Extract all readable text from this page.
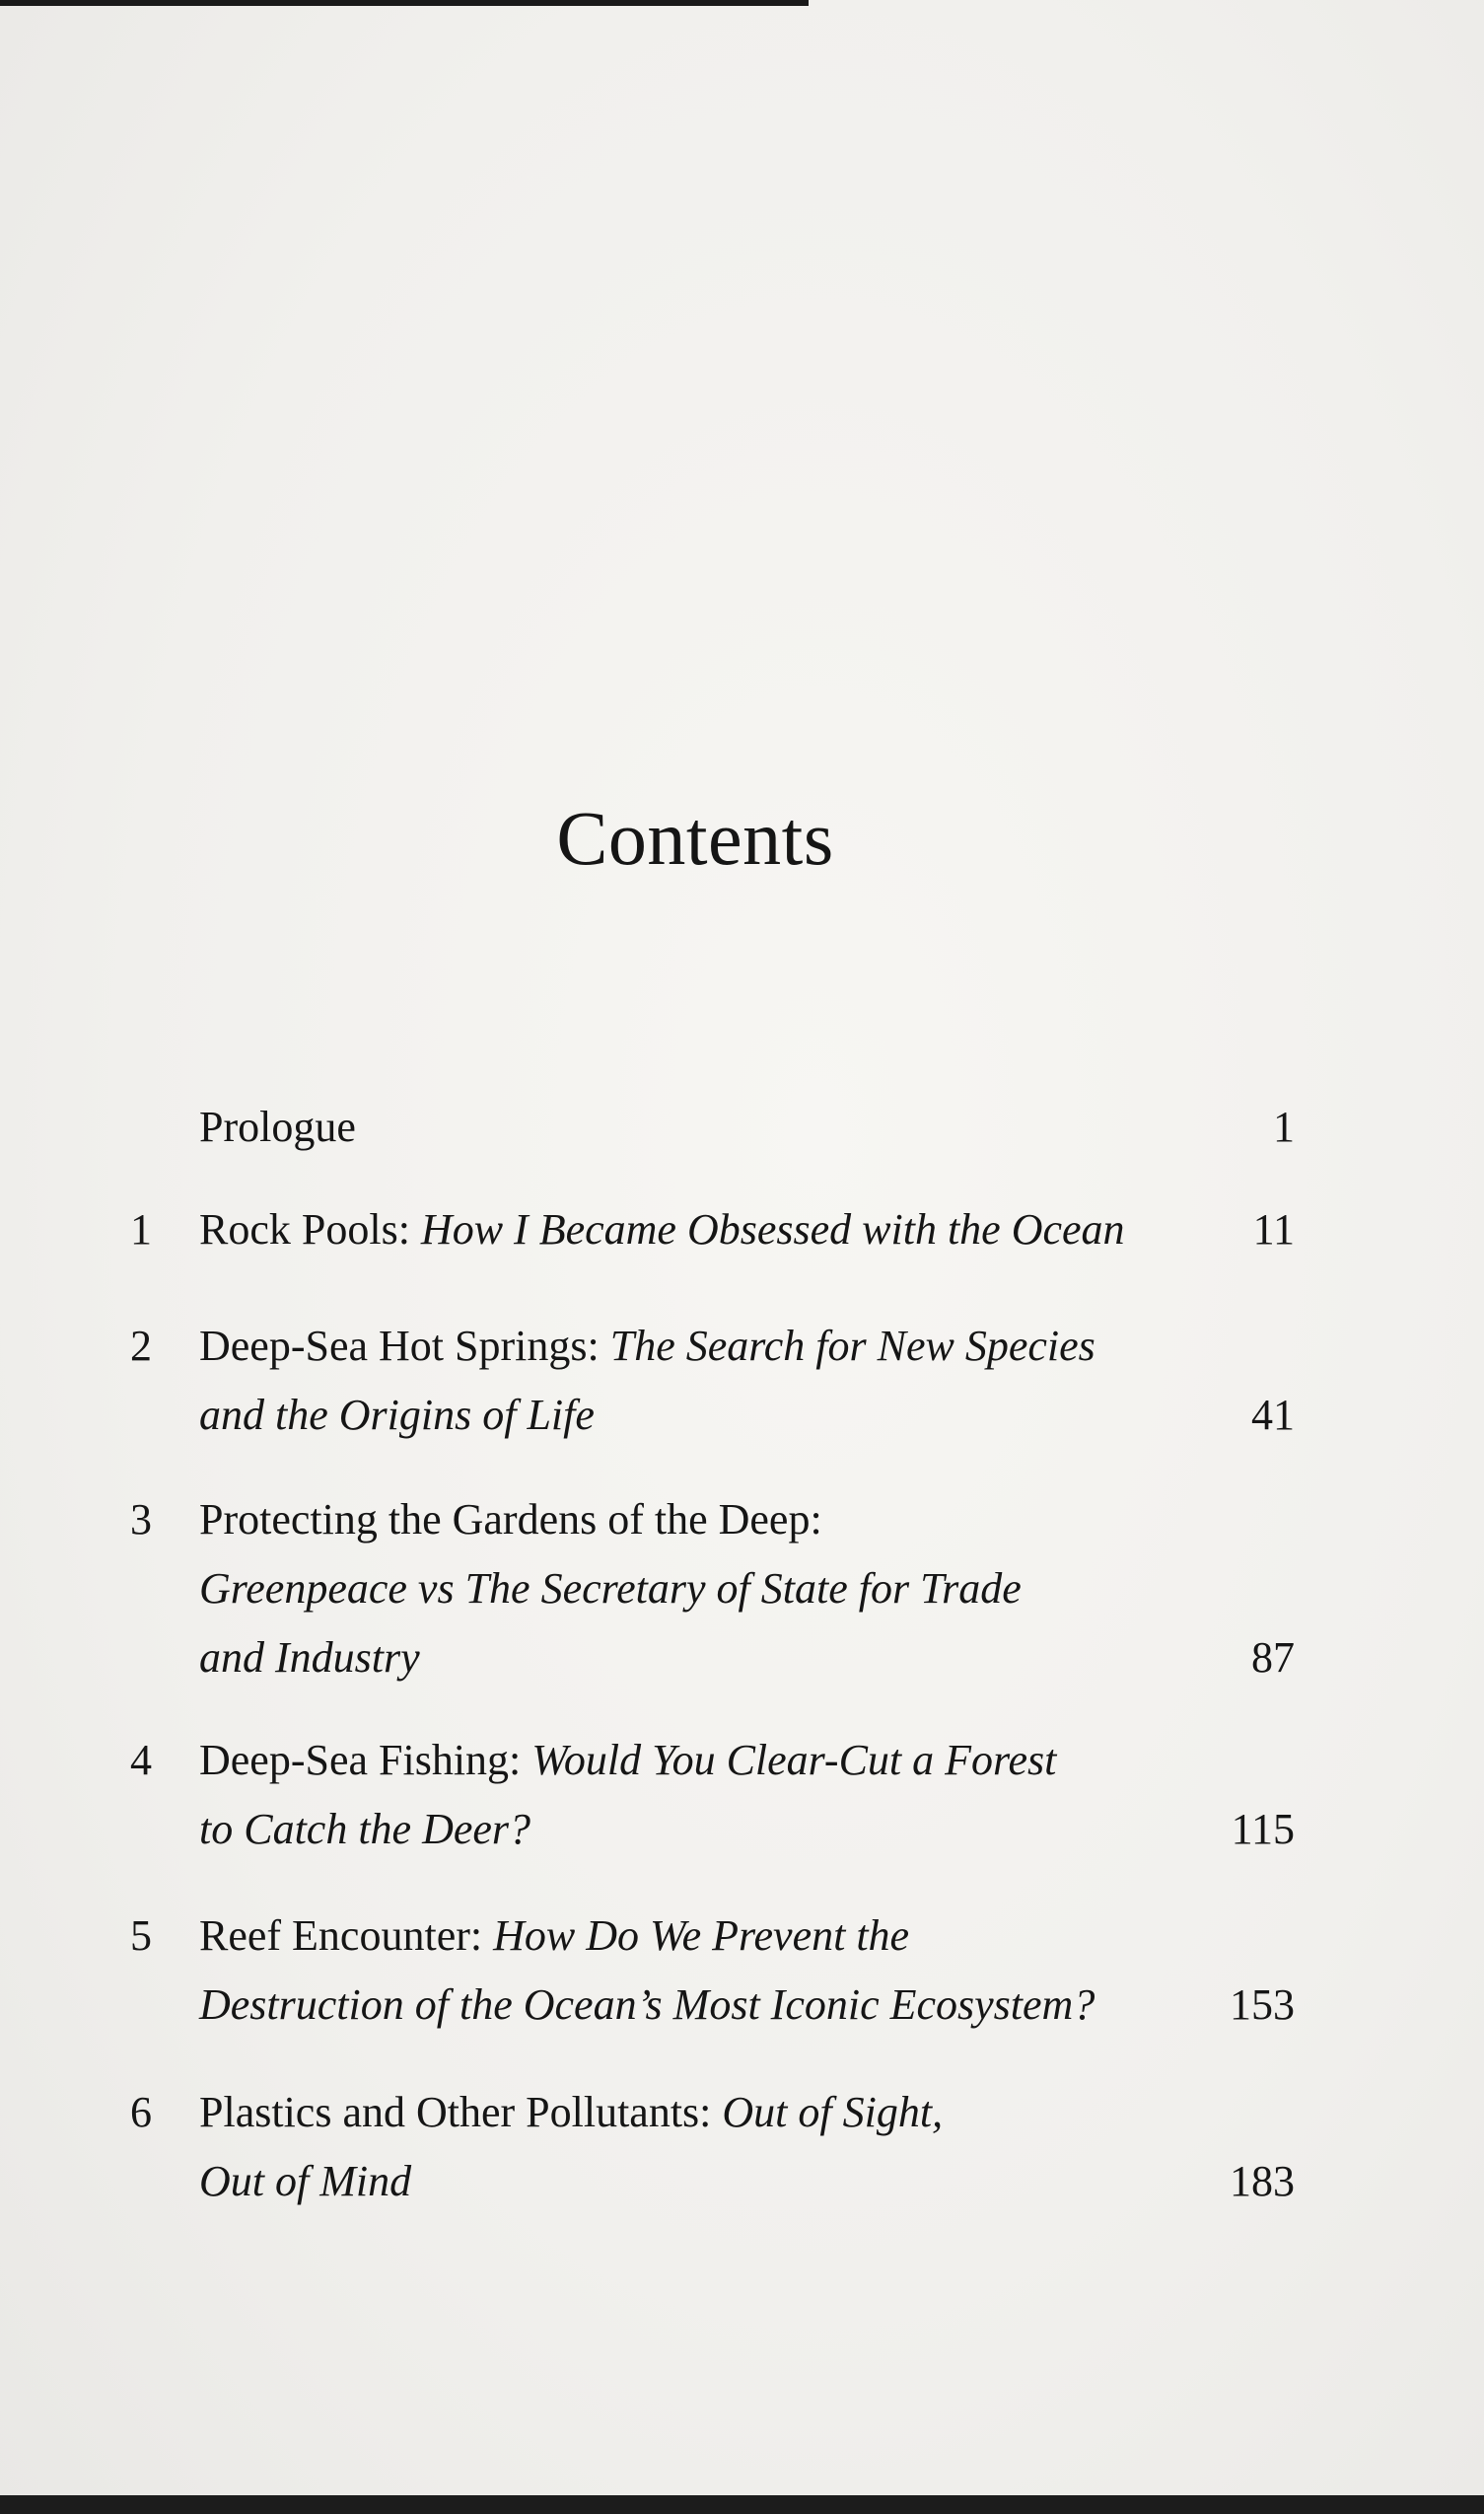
Contents
Prologue	1
1 Rock Pools: How I Became Obsessed with the Ocean	11
2 Deep-Sea Hot Springs: The Search for New Species
and the Origins of Life	41
3 Protecting the Gardens of the Deep:
Greenpeace vs The Secretary of State for Trade
and Industry	87
4 Deep-Sea Fishing: Would You Clear-Cut a Forest
to Catch the Deer?	115
5 Reef Encounter: How Do We Prevent the
Destruction of the Ocean’s Most Iconic Ecosystem?	153
6 Plastics and Other Pollutants: Out of Sight,
Out of Mind	183
